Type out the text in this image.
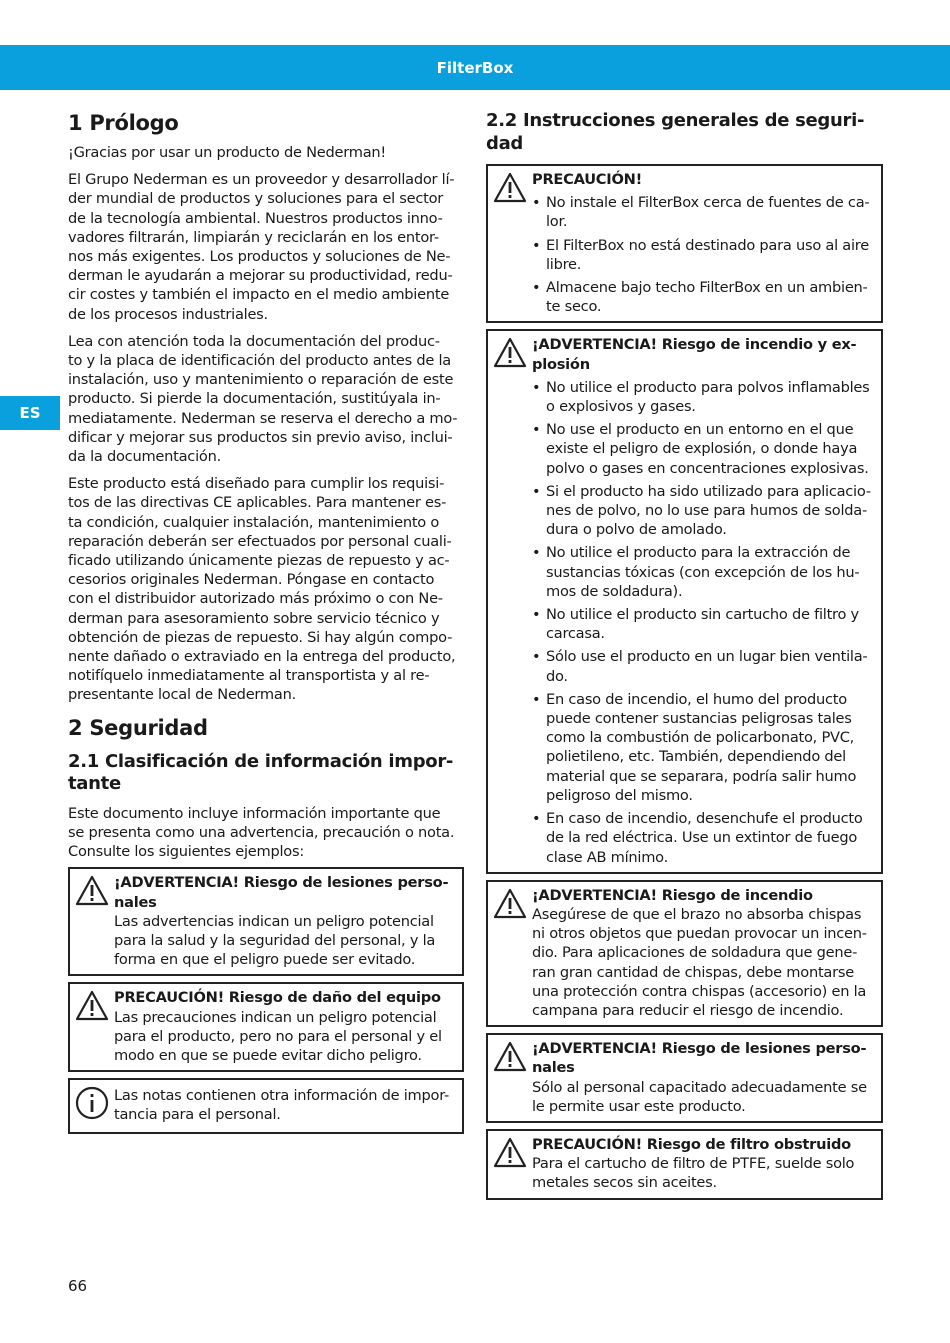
FilterBox
ES
1 Prólogo
¡Gracias por usar un producto de Nederman!
El Grupo Nederman es un proveedor y desarrollador lí-
der mundial de productos y soluciones para el sector
de la tecnología ambiental. Nuestros productos inno-
vadores filtrarán, limpiarán y reciclarán en los entor-
nos más exigentes. Los productos y soluciones de Ne-
derman le ayudarán a mejorar su productividad, redu-
cir costes y también el impacto en el medio ambiente
de los procesos industriales.
Lea con atención toda la documentación del produc-
to y la placa de identificación del producto antes de la
instalación, uso y mantenimiento o reparación de este
producto. Si pierde la documentación, sustitúyala in-
mediatamente. Nederman se reserva el derecho a mo-
dificar y mejorar sus productos sin previo aviso, inclui-
da la documentación.
Este producto está diseñado para cumplir los requisi-
tos de las directivas CE aplicables. Para mantener es-
ta condición, cualquier instalación, mantenimiento o
reparación deberán ser efectuados por personal cuali-
ficado utilizando únicamente piezas de repuesto y ac-
cesorios originales Nederman. Póngase en contacto
con el distribuidor autorizado más próximo o con Ne-
derman para asesoramiento sobre servicio técnico y
obtención de piezas de repuesto. Si hay algún compo-
nente dañado o extraviado en la entrega del producto,
notifíquelo inmediatamente al transportista y al re-
presentante local de Nederman.
2 Seguridad
2.1 Clasificación de información impor-
tante
Este documento incluye información importante que
se presenta como una advertencia, precaución o nota.
Consulte los siguientes ejemplos:
¡ADVERTENCIA! Riesgo de lesiones perso-
nales
Las advertencias indican un peligro potencial
para la salud y la seguridad del personal, y la
forma en que el peligro puede ser evitado.
PRECAUCIÓN! Riesgo de daño del equipo
Las precauciones indican un peligro potencial
para el producto, pero no para el personal y el
modo en que se puede evitar dicho peligro.
Las notas contienen otra información de impor-
tancia para el personal.
2.2 Instrucciones generales de seguri-
dad
PRECAUCIÓN!
• No instale el FilterBox cerca de fuentes de ca-
lor.
• El FilterBox no está destinado para uso al aire
libre.
• Almacene bajo techo FilterBox en un ambien-
te seco.
¡ADVERTENCIA! Riesgo de incendio y ex-
plosión
• No utilice el producto para polvos inflamables
o explosivos y gases.
• No use el producto en un entorno en el que
existe el peligro de explosión, o donde haya
polvo o gases en concentraciones explosivas.
• Si el producto ha sido utilizado para aplicacio-
nes de polvo, no lo use para humos de solda-
dura o polvo de amolado.
• No utilice el producto para la extracción de
sustancias tóxicas (con excepción de los hu-
mos de soldadura).
• No utilice el producto sin cartucho de filtro y
carcasa.
• Sólo use el producto en un lugar bien ventila-
do.
• En caso de incendio, el humo del producto
puede contener sustancias peligrosas tales
como la combustión de policarbonato, PVC,
polietileno, etc. También, dependiendo del
material que se separara, podría salir humo
peligroso del mismo.
• En caso de incendio, desenchufe el producto
de la red eléctrica. Use un extintor de fuego
clase AB mínimo.
¡ADVERTENCIA! Riesgo de incendio
Asegúrese de que el brazo no absorba chispas
ni otros objetos que puedan provocar un incen-
dio. Para aplicaciones de soldadura que gene-
ran gran cantidad de chispas, debe montarse
una protección contra chispas (accesorio) en la
campana para reducir el riesgo de incendio.
¡ADVERTENCIA! Riesgo de lesiones perso-
nales
Sólo al personal capacitado adecuadamente se
le permite usar este producto.
PRECAUCIÓN! Riesgo de filtro obstruido
Para el cartucho de filtro de PTFE, suelde solo
metales secos sin aceites.
66
